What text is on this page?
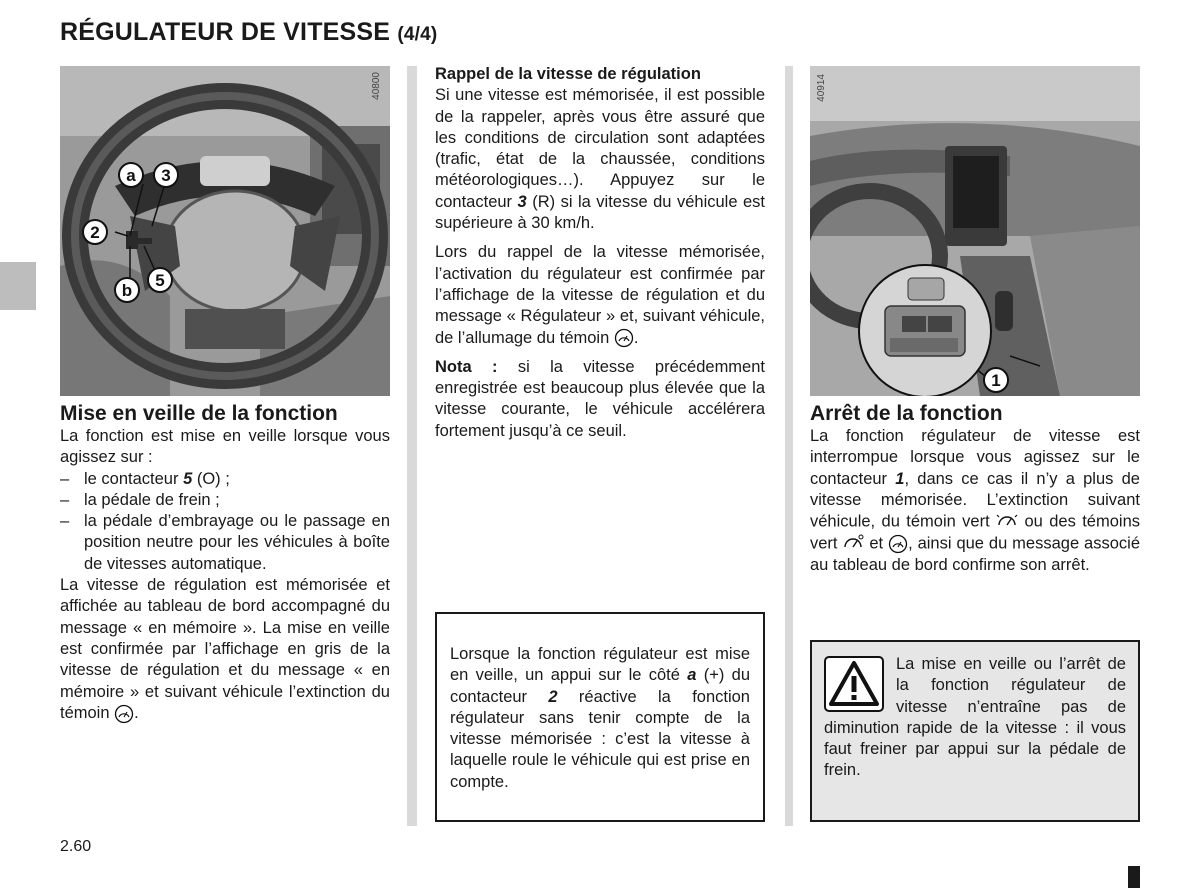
RÉGULATEUR DE VITESSE (4/4)
a 3
2
b
5
40800
1
40914
Mise en veille de la fonction
La fonction est mise en veille lorsque vous agissez sur :
– le contacteur 5 (O) ;
– la pédale de frein ;
– la pédale d’embrayage ou le passage en position neutre pour les véhicules à boîte de vitesses automatique.
La vitesse de régulation est mémorisée et affichée au tableau de bord accompagné du message « en mémoire ». La mise en veille est confirmée par l’affichage en gris de la vitesse de régulation et du message « en mémoire » et suivant véhicule l’extinction du témoin .
Rappel de la vitesse de régulation
Si une vitesse est mémorisée, il est possible de la rappeler, après vous être assuré que les conditions de circulation sont adaptées (trafic, état de la chaussée, conditions météorologiques…). Appuyez sur le contacteur 3 (R) si la vitesse du véhicule est supérieure à 30 km/h.
Lors du rappel de la vitesse mémorisée, l’activation du régulateur est confirmée par l’affichage de la vitesse de régulation et du message « Régulateur » et, suivant véhicule, de l’allumage du témoin .
Nota : si la vitesse précédemment enregistrée est beaucoup plus élevée que la vitesse courante, le véhicule accélérera fortement jusqu’à ce seuil.
Lorsque la fonction régulateur est mise en veille, un appui sur le côté a (+) du contacteur 2 réactive la fonction régulateur sans tenir compte de la vitesse mémorisée : c’est la vitesse à laquelle roule le véhicule qui est prise en compte.
Arrêt de la fonction
La fonction régulateur de vitesse est interrompue lorsque vous agissez sur le contacteur 1, dans ce cas il n’y a plus de vitesse mémorisée. L’extinction suivant véhicule, du témoin vert  ou des témoins vert  et , ainsi que du message associé au tableau de bord confirme son arrêt.
La mise en veille ou l’arrêt de la fonction régulateur de vitesse n’entraîne pas de diminution rapide de la vitesse : il vous faut freiner par appui sur la pédale de frein.
2.60
